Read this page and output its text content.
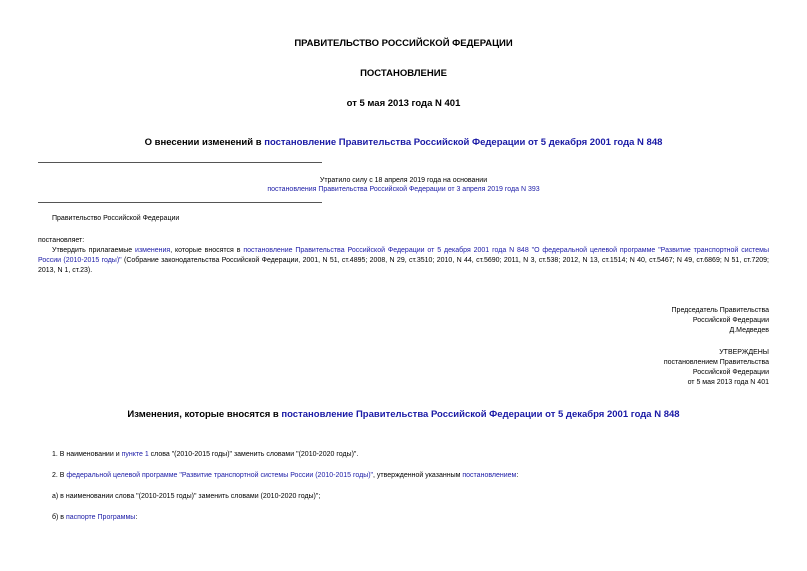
ПРАВИТЕЛЬСТВО РОССИЙСКОЙ ФЕДЕРАЦИИ
ПОСТАНОВЛЕНИЕ
от 5 мая 2013 года N 401
О внесении изменений в постановление Правительства Российской Федерации от 5 декабря 2001 года N 848
Утратило силу с 18 апреля 2019 года на основании
постановления Правительства Российской Федерации от 3 апреля 2019 года N 393
Правительство Российской Федерации
постановляет:
Утвердить прилагаемые изменения, которые вносятся в постановление Правительства Российской Федерации от 5 декабря 2001 года N 848 "О федеральной целевой программе "Развитие транспортной системы России (2010-2015 годы)" (Собрание законодательства Российской Федерации, 2001, N 51, ст.4895; 2008, N 29, ст.3510; 2010, N 44, ст.5690; 2011, N 3, ст.538; 2012, N 13, ст.1514; N 40, ст.5467; N 49, ст.6869; N 51, ст.7209; 2013, N 1, ст.23).
Председатель Правительства
Российской Федерации
Д.Медведев
УТВЕРЖДЕНЫ
постановлением Правительства
Российской Федерации
от 5 мая 2013 года N 401
Изменения, которые вносятся в постановление Правительства Российской Федерации от 5 декабря 2001 года N 848
1. В наименовании и пункте 1 слова "(2010-2015 годы)" заменить словами "(2010-2020 годы)".
2. В федеральной целевой программе "Развитие транспортной системы России (2010-2015 годы)", утвержденной указанным постановлением:
а) в наименовании слова "(2010-2015 годы)" заменить словами (2010-2020 годы)";
б) в паспорте Программы:
